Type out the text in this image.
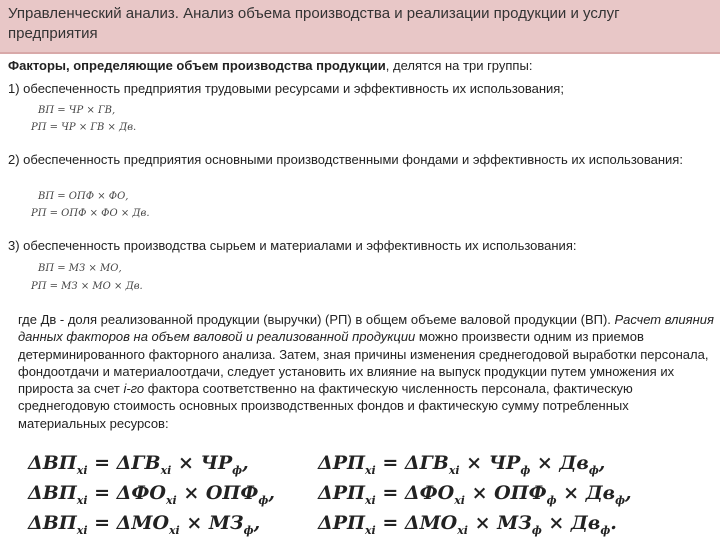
Управленческий анализ. Анализ объема производства и реализации продукции и услуг предприятия
Факторы, определяющие объем производства продукции, делятся на три группы:
1) обеспеченность предприятия трудовыми ресурсами и эффективность их использования;
ВП = ЧР × ГВ,
РП = ЧР × ГВ × Дв.
2) обеспеченность предприятия основными производственными фондами и эффективность их использования:
ВП = ОПФ × ФО,
РП = ОПФ × ФО × Дв.
3) обеспеченность производства сырьем и материалами и эффективность их использования:
ВП = МЗ × МО,
РП = МЗ × МО × Дв.
где Дв - доля реализованной продукции (выручки) (РП) в общем объеме валовой продукции (ВП). Расчет влияния данных факторов на объем валовой и реализованной продукции можно произвести одним из приемов детерминированного факторного анализа. Затем, зная причины изменения среднегодовой выработки персонала, фондоотдачи и материалоотдачи, следует установить их влияние на выпуск продукции путем умножения их прироста за счет i-го фактора соответственно на фактическую численность персонала, фактическую среднегодовую стоимость основных производственных фондов и фактическую сумму потребленных материальных ресурсов:
$\Delta ВП_{xi} = \Delta ГВ_{xi} \times ЧР_ф$,	$\Delta РП_{xi} = \Delta ГВ_{xi} \times ЧР_ф \times Дв_ф$,
$\Delta ВП_{xi} = \Delta ФО_{xi} \times ОПФ_ф$, $\Delta РП_{xi} = \Delta ФО_{xi} \times ОПФ_ф \times Дв_ф$,
$\Delta ВП_{xi} = \Delta МО_{xi} \times МЗ_ф$,	$\Delta РП_{xi} = \Delta МО_{xi} \times МЗ_ф \times Дв_ф$.
